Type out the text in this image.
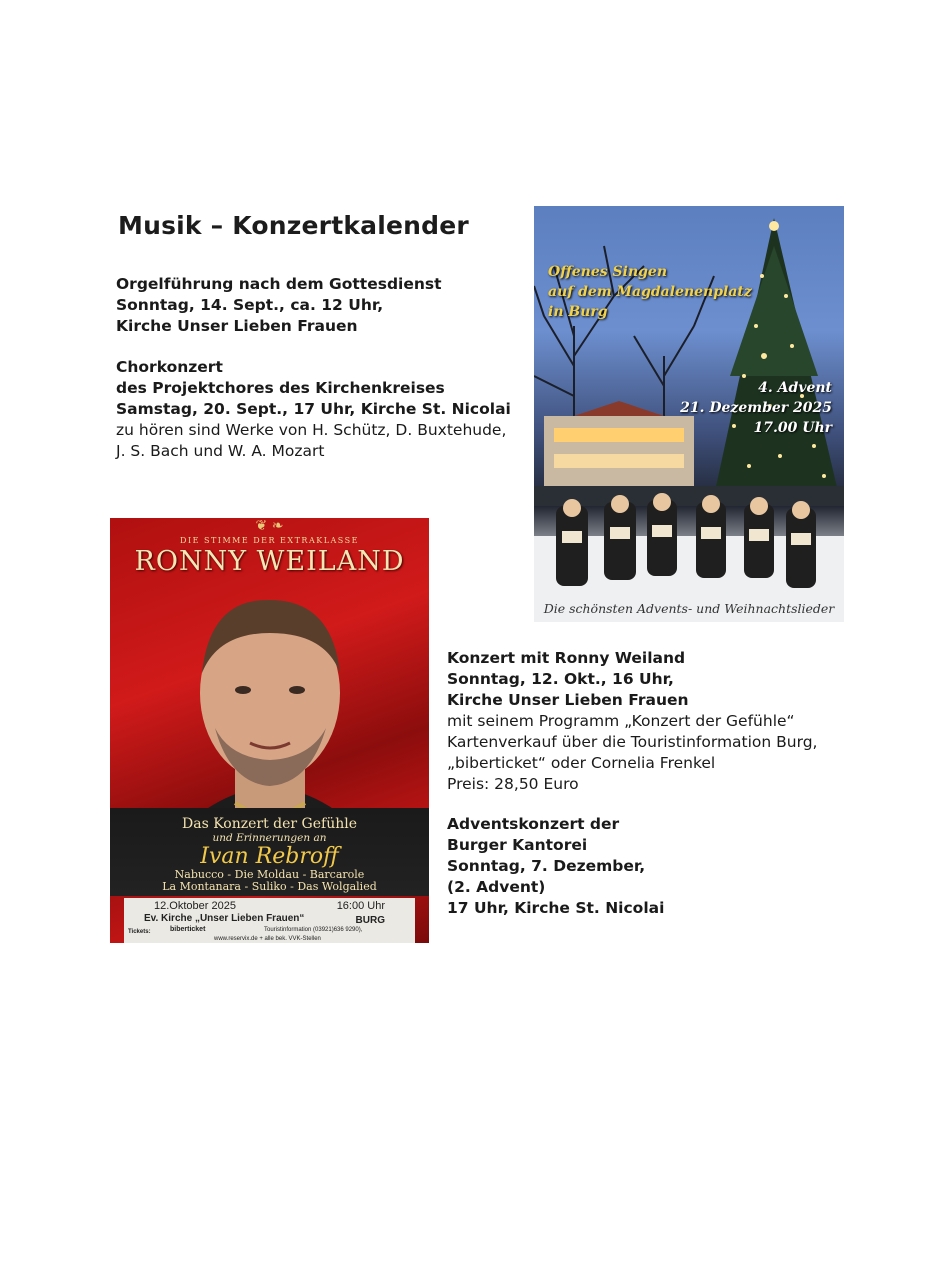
Musik – Konzertkalender
Orgelführung nach dem Gottesdienst
Sonntag, 14. Sept., ca. 12 Uhr,
Kirche Unser Lieben Frauen
Chorkonzert
des Projektchores des Kirchenkreises
Samstag, 20. Sept., 17 Uhr, Kirche St. Nicolai
zu hören sind Werke von H. Schütz, D. Buxtehude,
J. S. Bach und W. A. Mozart
Konzert mit Ronny Weiland
Sonntag, 12. Okt., 16 Uhr,
Kirche Unser Lieben Frauen
mit seinem Programm „Konzert der Gefühle“
Kartenverkauf über die Touristinformation Burg,
„biberticket“ oder Cornelia Frenkel
Preis: 28,50 Euro
Adventskonzert der
Burger Kantorei
Sonntag, 7. Dezember,
(2. Advent)
17 Uhr, Kirche St. Nicolai
Offenes Singen
auf dem Magdalenenplatz
in Burg
4. Advent
21. Dezember 2025
17.00 Uhr
Die schönsten Advents- und Weihnachtslieder
❦ ❧
DIE STIMME DER EXTRAKLASSE
RONNY WEILAND
Das Konzert der Gefühle
und Erinnerungen an
Ivan Rebroff
Nabucco - Die Moldau - Barcarole
La Montanara - Suliko - Das Wolgalied
12.Oktober 2025	16:00 Uhr
Ev. Kirche „Unser Lieben Frauen“	BURG
Tickets:	biberticket	Touristinformation (03921)636 9290),
www.reservix.de + alle bek. VVK-Stellen
